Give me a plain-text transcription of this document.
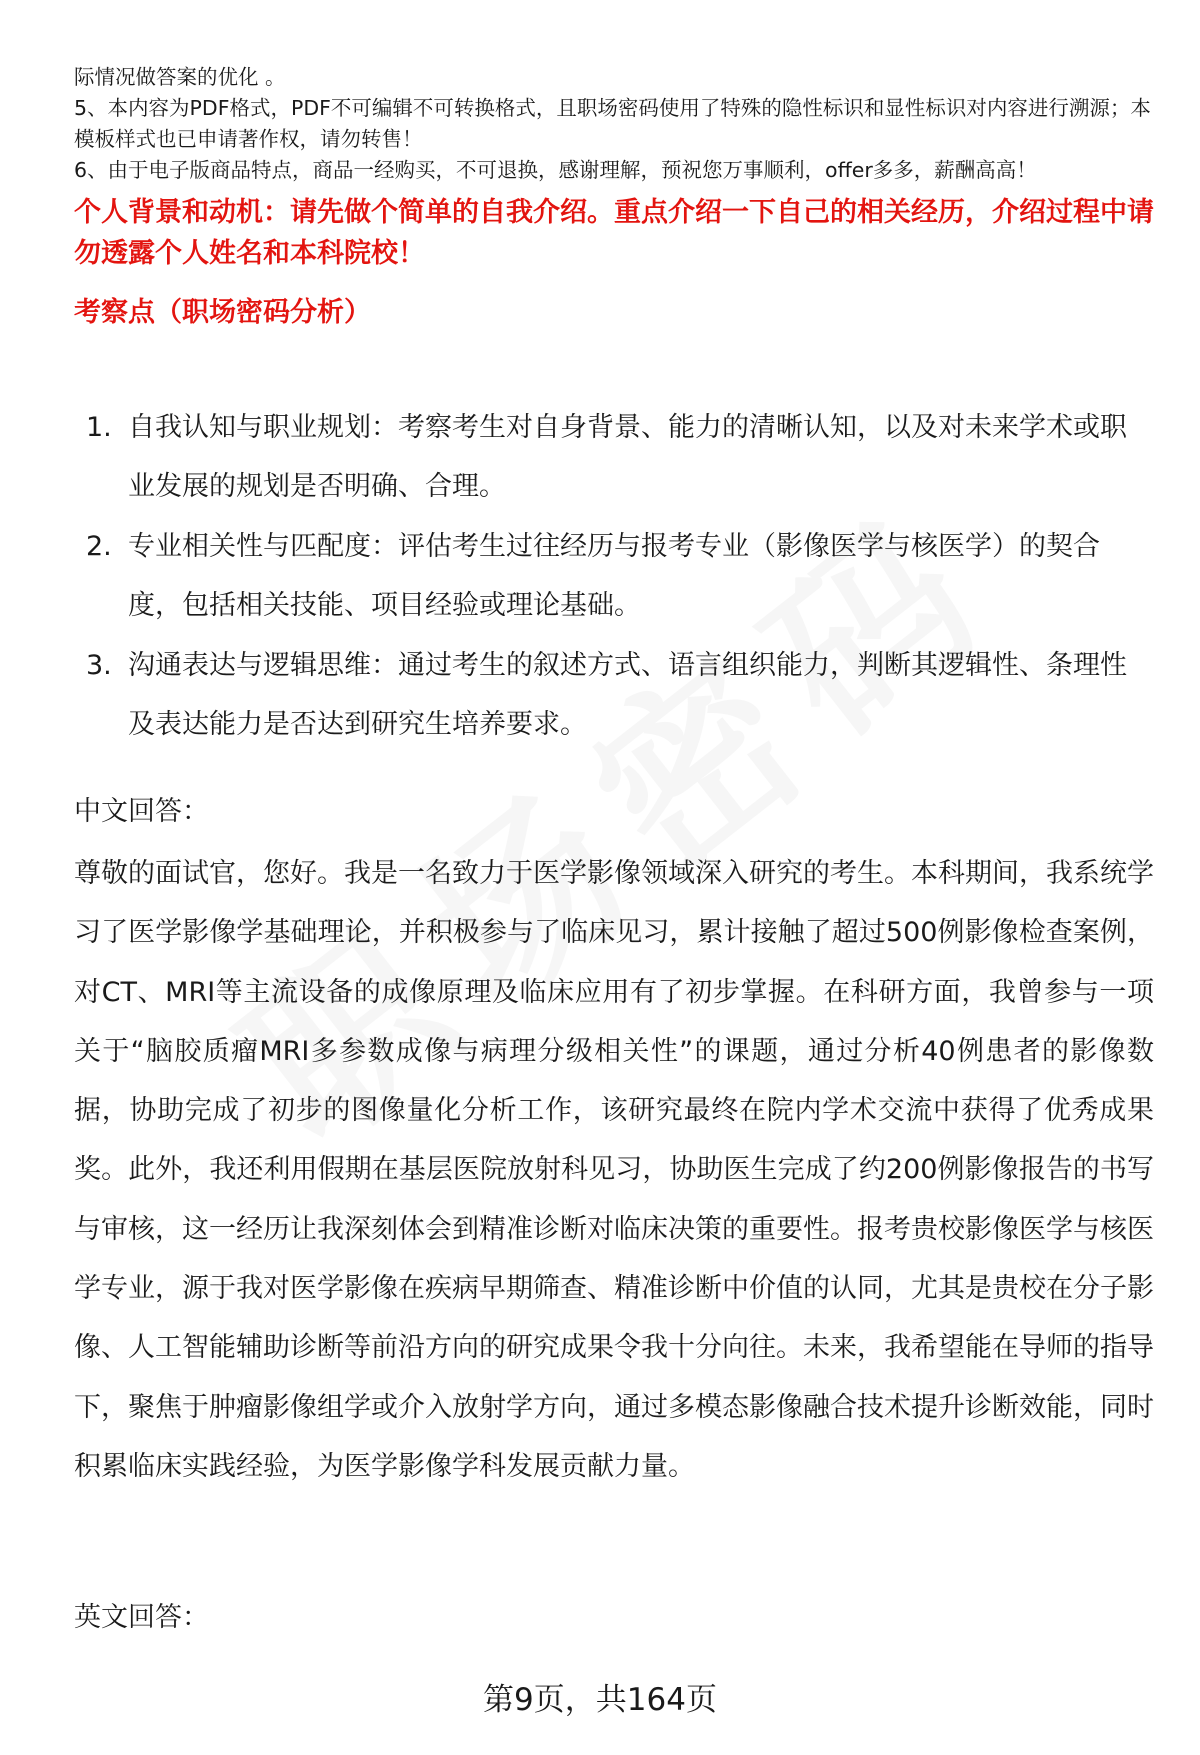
际情况做答案的优化 。

5、本内容为PDF格式，PDF不可编辑不可转换格式，且职场密码使用了特殊的隐性标识和显性标识对内容进行溯源；本模板样式也已申请著作权，请勿转售！

6、由于电子版商品特点，商品一经购买，不可退换，感谢理解，预祝您万事顺利，offer多多，薪酬高高！

个人背景和动机：请先做个简单的自我介绍。重点介绍一下自己的相关经历，介绍过程中请勿透露个人姓名和本科院校！
考察点（职场密码分析）
1. 自我认知与职业规划：考察考生对自身背景、能力的清晰认知，以及对未来学术或职业发展的规划是否明确、合理。
2. 专业相关性与匹配度：评估考生过往经历与报考专业（影像医学与核医学）的契合度，包括相关技能、项目经验或理论基础。
3. 沟通表达与逻辑思维：通过考生的叙述方式、语言组织能力，判断其逻辑性、条理性及表达能力是否达到研究生培养要求。
中文回答：

尊敬的面试官，您好。我是一名致力于医学影像领域深入研究的考生。本科期间，我系统学习了医学影像学基础理论，并积极参与了临床见习，累计接触了超过500例影像检查案例，对CT、MRI等主流设备的成像原理及临床应用有了初步掌握。在科研方面，我曾参与一项关于“脑胶质瘤MRI多参数成像与病理分级相关性”的课题，通过分析40例患者的影像数据，协助完成了初步的图像量化分析工作，该研究最终在院内学术交流中获得了优秀成果奖。此外，我还利用假期在基层医院放射科见习，协助医生完成了约200例影像报告的书写与审核，这一经历让我深刻体会到精准诊断对临床决策的重要性。报考贵校影像医学与核医学专业，源于我对医学影像在疾病早期筛查、精准诊断中价值的认同，尤其是贵校在分子影像、人工智能辅助诊断等前沿方向的研究成果令我十分向往。未来，我希望能在导师的指导下，聚焦于肿瘤影像组学或介入放射学方向，通过多模态影像融合技术提升诊断效能，同时积累临床实践经验，为医学影像学科发展贡献力量。

英文回答：
第9页，共164页
